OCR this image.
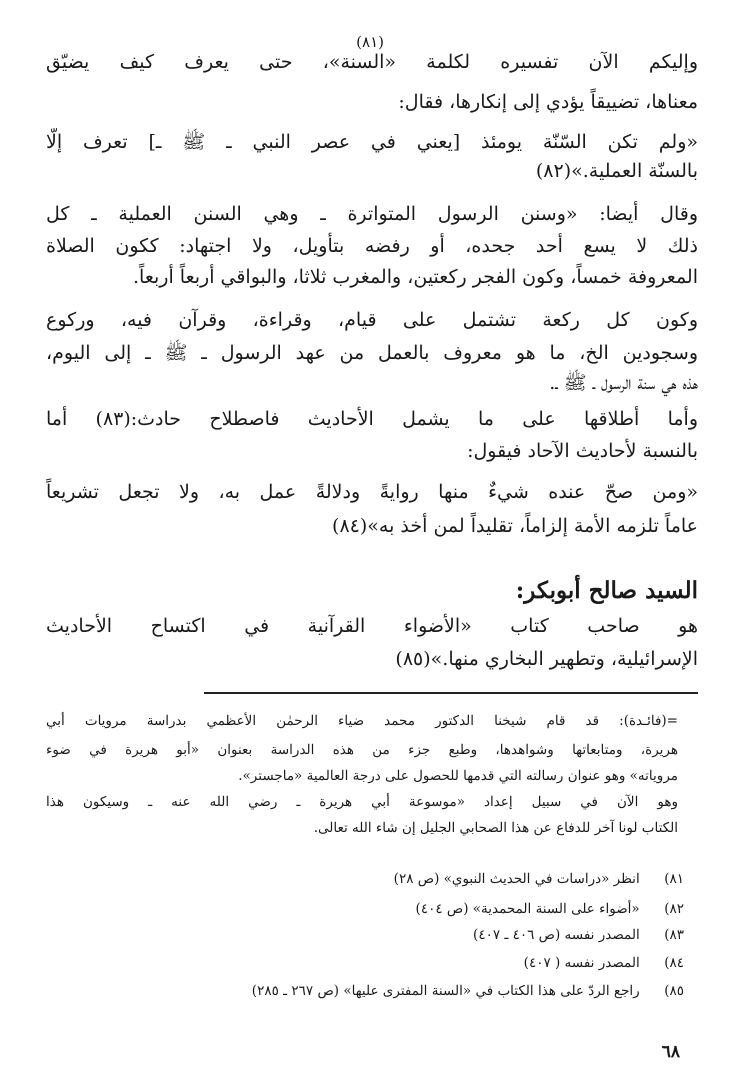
(٨١)
وإليكم الآن تفسيره لكلمة «السنة»، حتى يعرف كيف يضيّق
معناها، تضييقاً يؤدي إلى إنكارها، فقال:
«ولم تكن السّنّة يومئذ [يعني في عصر النبي ـ ﷺ ـ] تعرف إلّا
بالسنّة العملية.»(٨٢)
وقال أيضا: «وسنن الرسول المتواترة ـ وهي السنن العملية ـ كل
ذلك لا يسع أحد جحده، أو رفضه بتأويل، ولا اجتهاد: ككون الصلاة
المعروفة خمساً، وكون الفجر ركعتين، والمغرب ثلاثا، والبواقي أربعاً أربعاً.
وكون كل ركعة تشتمل على قيام، وقراءة، وقرآن فيه، وركوع
وسجودين الخ، ما هو معروف بالعمل من عهد الرسول ـ ﷺ ـ إلى اليوم،
هذه هي سنة الرسول ـ ﷺ ـ.
وأما أطلاقها على ما يشمل الأحاديث فاصطلاح حادث:(٨٣) أما
بالنسبة لأحاديث الآحاد فيقول:
«ومن صحّ عنده شيءٌ منها روايةً ودلالةً عمل به، ولا تجعل تشريعاً
عاماً تلزمه الأمة إلزاماً، تقليداً لمن أخذ به»(٨٤)
السيد صالح أبوبكر:
هو صاحب كتاب «الأضواء القرآنية في اكتساح الأحاديث
الإسرائيلية، وتطهير البخاري منها.»(٨٥)
=(فائـدة): قد قام شيخنا الدكتور محمد ضياء الرحمٰن الأعظمي بدراسة مرويات أبي
هريرة، ومتابعاتها وشواهدها، وطبع جزء من هذه الدراسة بعنوان «أبو هريرة في ضوء
مروياته» وهو عنوان رسالته التي قدمها للحصول على درجة العالمية «ماجستر».
وهو الآن في سبيل إعداد «موسوعة أبي هريرة ـ رضي الله عنه ـ وسيكون هذا
الكتاب لونا آخر للدفاع عن هذا الصحابي الجليل إن شاء الله تعالى.
٨١) انظر «دراسات في الحديث النبوي» (ص ٢٨)
٨٢) «أضواء على السنة المحمدية» (ص ٤٠٤)
٨٣) المصدر نفسه (ص ٤٠٦ ـ ٤٠٧)
٨٤) المصدر نفسه ( ٤٠٧)
٨٥) راجع الردّ على هذا الكتاب في «السنة المفترى عليها» (ص ٢٦٧ ـ ٢٨٥)
٦٨
